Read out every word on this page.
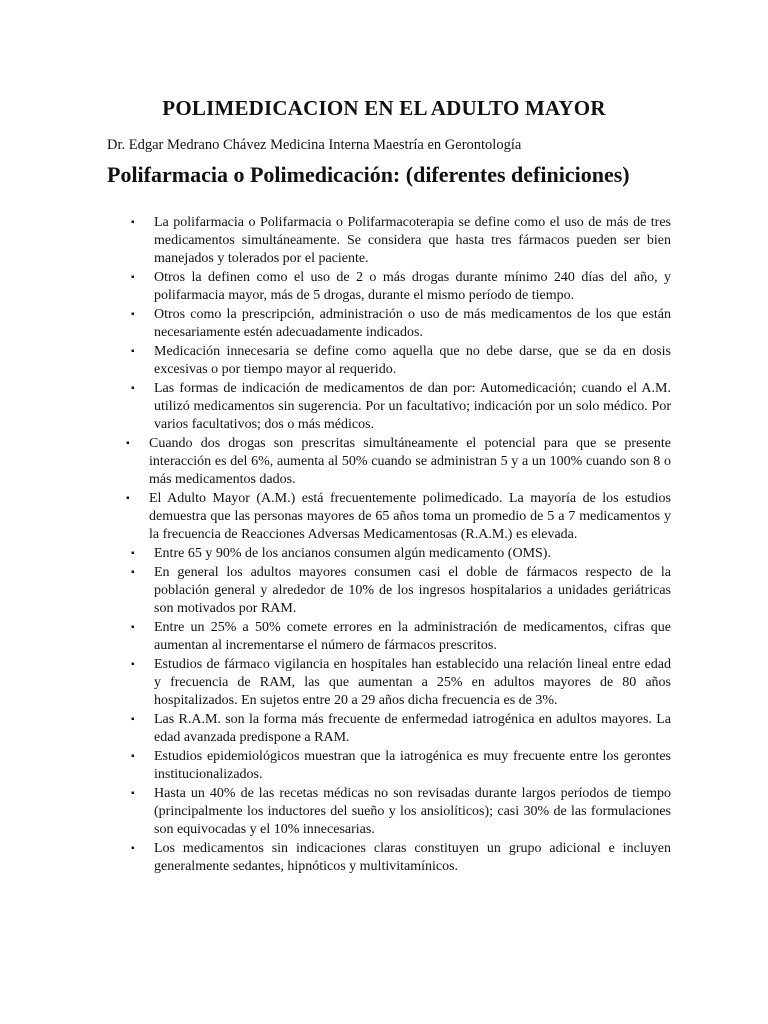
POLIMEDICACION EN EL ADULTO MAYOR

Dr. Edgar Medrano Chávez Medicina Interna Maestría en Gerontología

Polifarmacia o Polimedicación: (diferentes definiciones)
▪ La polifarmacia o Polifarmacia o Polifarmacoterapia se define como el uso de más de tres medicamentos simultáneamente. Se considera que hasta tres fármacos pueden ser bien manejados y tolerados por el paciente.
▪ Otros la definen como el uso de 2 o más drogas durante mínimo 240 días del año, y polifarmacia mayor, más de 5 drogas, durante el mismo período de tiempo.
▪ Otros como la prescripción, administración o uso de más medicamentos de los que están necesariamente estén adecuadamente indicados.
▪ Medicación innecesaria se define como aquella que no debe darse, que se da en dosis excesivas o por tiempo mayor al requerido.
▪ Las formas de indicación de medicamentos de dan por: Automedicación; cuando el A.M. utilizó medicamentos sin sugerencia. Por un facultativo; indicación por un solo médico. Por varios facultativos; dos o más médicos.
▪ Cuando dos drogas son prescritas simultáneamente el potencial para que se presente interacción es del 6%, aumenta al 50% cuando se administran 5 y a un 100% cuando son 8 o más medicamentos dados.
▪ El Adulto Mayor (A.M.) está frecuentemente polimedicado. La mayoría de los estudios demuestra que las personas mayores de 65 años toma un promedio de 5 a 7 medicamentos y la frecuencia de Reacciones Adversas Medicamentosas (R.A.M.) es elevada.
▪ Entre 65 y 90% de los ancianos consumen algún medicamento (OMS).
▪ En general los adultos mayores consumen casi el doble de fármacos respecto de la población general y alrededor de 10% de los ingresos hospitalarios a unidades geriátricas son motivados por RAM.
▪ Entre un 25% a 50% comete errores en la administración de medicamentos, cifras que aumentan al incrementarse el número de fármacos prescritos.
▪ Estudios de fármaco vigilancia en hospitales han establecido una relación lineal entre edad y frecuencia de RAM, las que aumentan a 25% en adultos mayores de 80 años hospitalizados. En sujetos entre 20 a 29 años dicha frecuencia es de 3%.
▪ Las R.A.M. son la forma más frecuente de enfermedad iatrogénica en adultos mayores. La edad avanzada predispone a RAM.
▪ Estudios epidemiológicos muestran que la iatrogénica es muy frecuente entre los gerontes institucionalizados.
▪ Hasta un 40% de las recetas médicas no son revisadas durante largos períodos de tiempo (principalmente los inductores del sueño y los ansiolíticos); casi 30% de las formulaciones son equivocadas y el 10% innecesarias.
▪ Los medicamentos sin indicaciones claras constituyen un grupo adicional e incluyen generalmente sedantes, hipnóticos y multivitamínicos.
